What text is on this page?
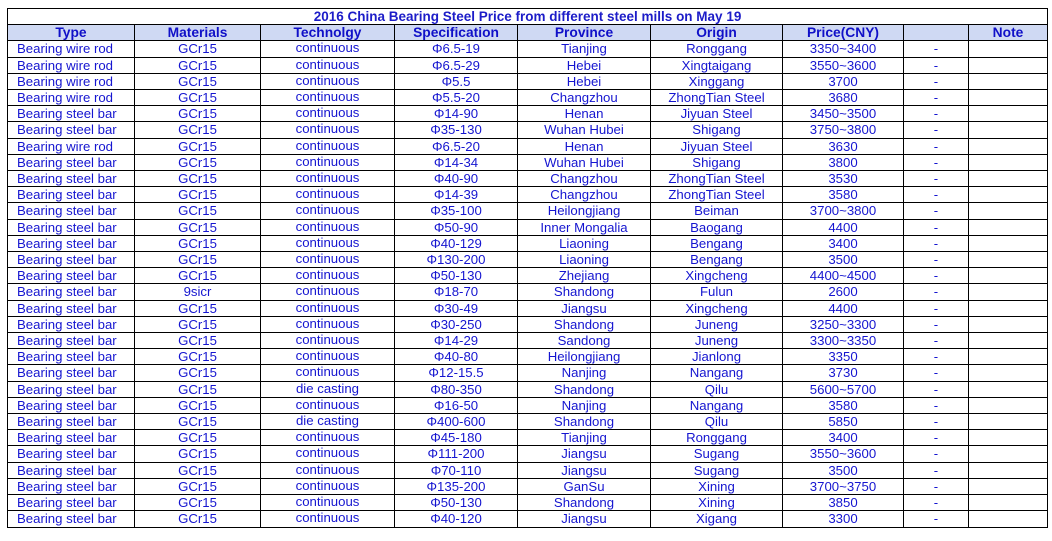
2016 China Bearing Steel Price from different steel mills on May 19								
Type	Materials	Technolgy	Specification	Province	Origin	Price(CNY)		Note
Bearing wire rod	GCr15	continuous	Φ6.5-19	Tianjing	Ronggang	3350~3400	-	
Bearing wire rod	GCr15	continuous	Φ6.5-29	Hebei	Xingtaigang	3550~3600	-	
Bearing wire rod	GCr15	continuous	Φ5.5	Hebei	Xinggang	3700	-	
Bearing wire rod	GCr15	continuous	Φ5.5-20	Changzhou	ZhongTian Steel	3680	-	
Bearing steel bar	GCr15	continuous	Φ14-90	Henan	Jiyuan Steel	3450~3500	-	
Bearing steel bar	GCr15	continuous	Φ35-130	Wuhan Hubei	Shigang	3750~3800	-	
Bearing wire rod	GCr15	continuous	Φ6.5-20	Henan	Jiyuan Steel	3630	-	
Bearing steel bar	GCr15	continuous	Φ14-34	Wuhan Hubei	Shigang	3800	-	
Bearing steel bar	GCr15	continuous	Φ40-90	Changzhou	ZhongTian Steel	3530	-	
Bearing steel bar	GCr15	continuous	Φ14-39	Changzhou	ZhongTian Steel	3580	-	
Bearing steel bar	GCr15	continuous	Φ35-100	Heilongjiang	Beiman	3700~3800	-	
Bearing steel bar	GCr15	continuous	Φ50-90	Inner Mongalia	Baogang	4400	-	
Bearing steel bar	GCr15	continuous	Φ40-129	Liaoning	Bengang	3400	-	
Bearing steel bar	GCr15	continuous	Φ130-200	Liaoning	Bengang	3500	-	
Bearing steel bar	GCr15	continuous	Φ50-130	Zhejiang	Xingcheng	4400~4500	-	
Bearing steel bar	9sicr	continuous	Φ18-70	Shandong	Fulun	2600	-	
Bearing steel bar	GCr15	continuous	Φ30-49	Jiangsu	Xingcheng	4400	-	
Bearing steel bar	GCr15	continuous	Φ30-250	Shandong	Juneng	3250~3300	-	
Bearing steel bar	GCr15	continuous	Φ14-29	Sandong	Juneng	3300~3350	-	
Bearing steel bar	GCr15	continuous	Φ40-80	Heilongjiang	Jianlong	3350	-	
Bearing steel bar	GCr15	continuous	Φ12-15.5	Nanjing	Nangang	3730	-	
Bearing steel bar	GCr15	die casting	Φ80-350	Shandong	Qilu	5600~5700	-	
Bearing steel bar	GCr15	continuous	Φ16-50	Nanjing	Nangang	3580	-	
Bearing steel bar	GCr15	die casting	Φ400-600	Shandong	Qilu	5850	-	
Bearing steel bar	GCr15	continuous	Φ45-180	Tianjing	Ronggang	3400	-	
Bearing steel bar	GCr15	continuous	Φ111-200	Jiangsu	Sugang	3550~3600	-	
Bearing steel bar	GCr15	continuous	Φ70-110	Jiangsu	Sugang	3500	-	
Bearing steel bar	GCr15	continuous	Φ135-200	GanSu	Xining	3700~3750	-	
Bearing steel bar	GCr15	continuous	Φ50-130	Shandong	Xining	3850	-	
Bearing steel bar	GCr15	continuous	Φ40-120	Jiangsu	Xigang	3300	-	
